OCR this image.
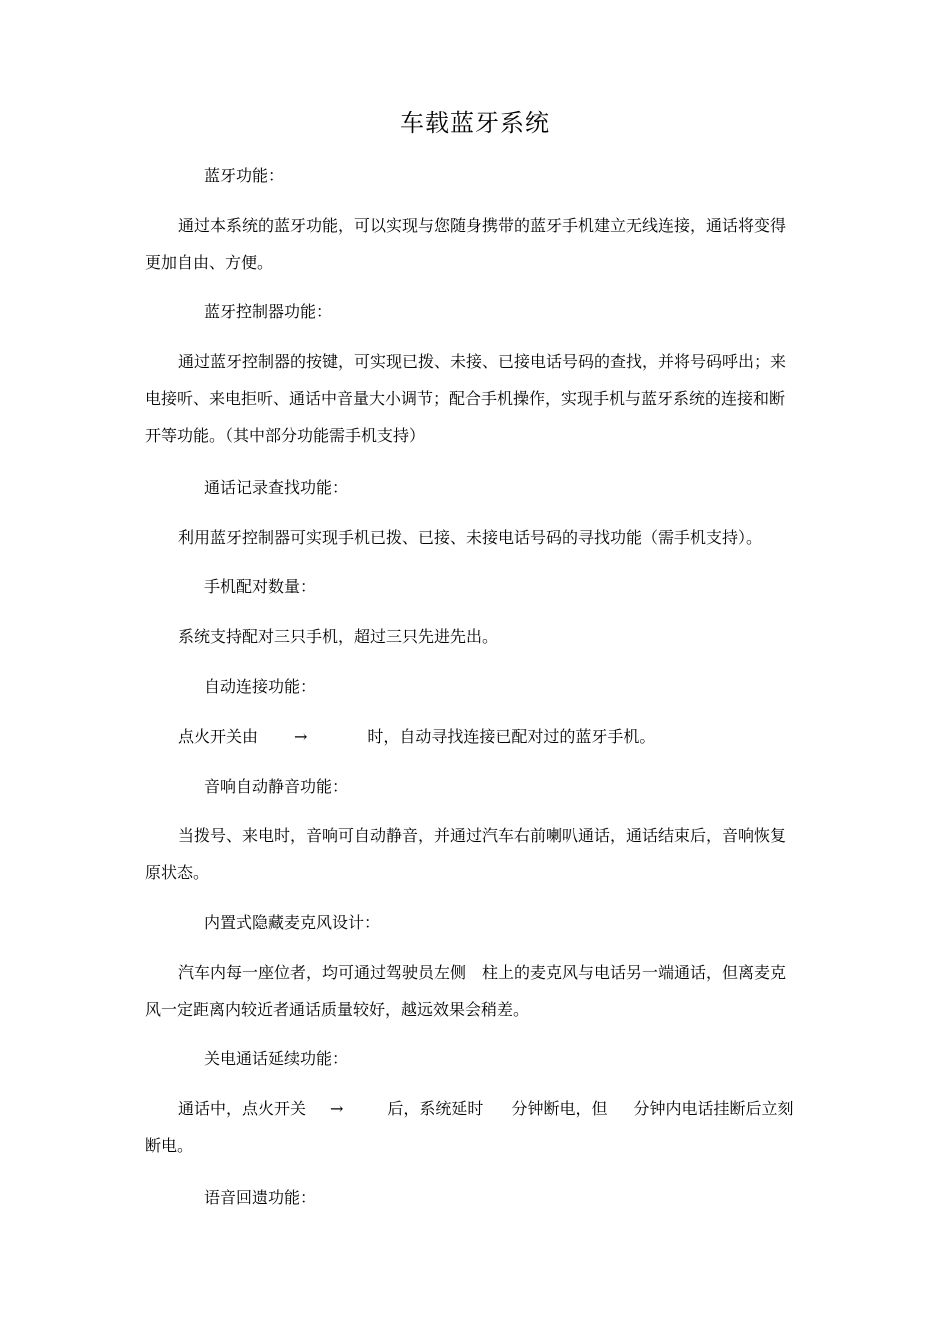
车载蓝牙系统
蓝牙功能：
通过本系统的蓝牙功能，可以实现与您随身携带的蓝牙手机建立无线连接，通话将变得
更加自由、方便。
蓝牙控制器功能：
通过蓝牙控制器的按键，可实现已拨、未接、已接电话号码的查找，并将号码呼出；来
电接听、来电拒听、通话中音量大小调节；配合手机操作，实现手机与蓝牙系统的连接和断
开等功能。（其中部分功能需手机支持）
通话记录查找功能：
利用蓝牙控制器可实现手机已拨、已接、未接电话号码的寻找功能（需手机支持）。
手机配对数量：
系统支持配对三只手机，超过三只先进先出。
自动连接功能：
点火开关由 →	时，自动寻找连接已配对过的蓝牙手机。
音响自动静音功能：
当拨号、来电时，音响可自动静音，并通过汽车右前喇叭通话，通话结束后，音响恢复
原状态。
内置式隐藏麦克风设计：
汽车内每一座位者，均可通过驾驶员左侧 柱上的麦克风与电话另一端通话，但离麦克
风一定距离内较近者通话质量较好，越远效果会稍差。
关电通话延续功能：
通话中，点火开关 →	后，系统延时 分钟断电，但 分钟内电话挂断后立刻
断电。
语音回遗功能：
